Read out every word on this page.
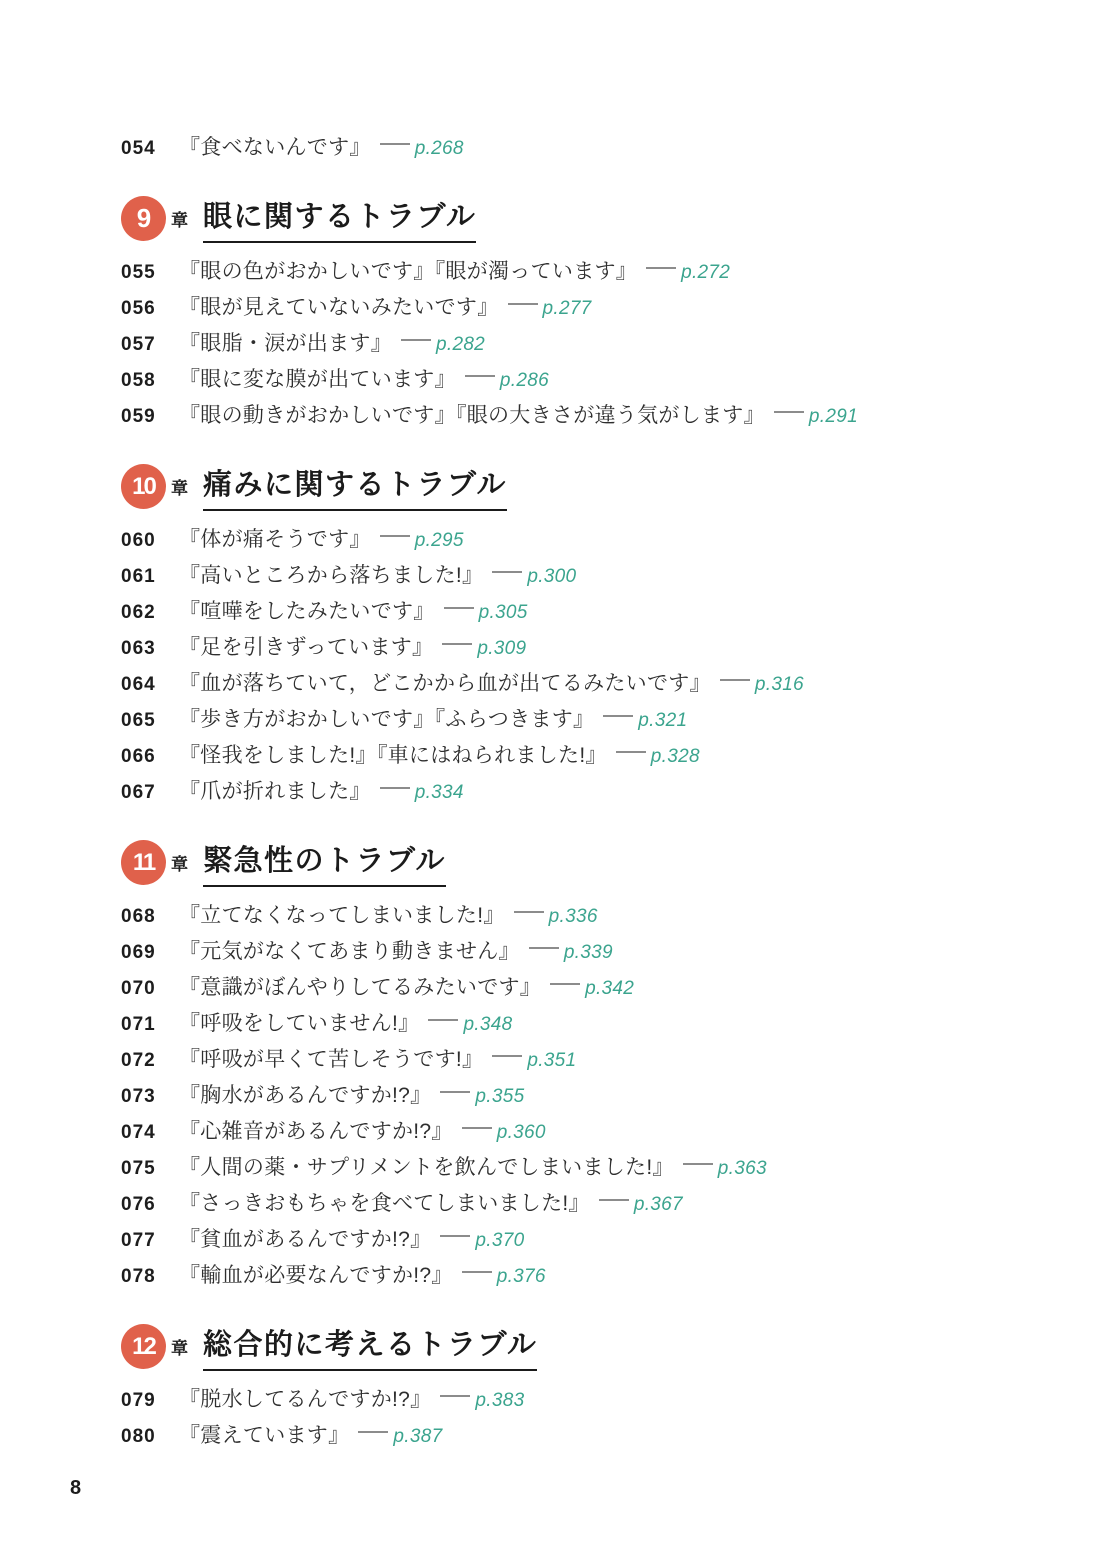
054	『食べないんです』 p.268
9	章 眼に関するトラブル
055	『眼の色がおかしいです』『眼が濁っています』 p.272
056	『眼が見えていないみたいです』 p.277
057	『眼脂・涙が出ます』 p.282
058	『眼に変な膜が出ています』 p.286
059	『眼の動きがおかしいです』『眼の大きさが違う気がします』 p.291
10 章 痛みに関するトラブル
060	『体が痛そうです』 p.295
061	『高いところから落ちました!』 p.300
062	『喧嘩をしたみたいです』 p.305
063	『足を引きずっています』 p.309
064	『血が落ちていて，どこかから血が出てるみたいです』 p.316
065	『歩き方がおかしいです』『ふらつきます』 p.321
066	『怪我をしました!』『車にはねられました!』 p.328
067	『爪が折れました』 p.334
11 章 緊急性のトラブル
068	『立てなくなってしまいました!』 p.336
069	『元気がなくてあまり動きません』 p.339
070	『意識がぼんやりしてるみたいです』 p.342
071	『呼吸をしていません!』 p.348
072	『呼吸が早くて苦しそうです!』 p.351
073	『胸水があるんですか!?』 p.355
074	『心雑音があるんですか!?』 p.360
075	『人間の薬・サプリメントを飲んでしまいました!』 p.363
076	『さっきおもちゃを食べてしまいました!』 p.367
077	『貧血があるんですか!?』 p.370
078	『輸血が必要なんですか!?』 p.376
12 章 総合的に考えるトラブル
079	『脱水してるんですか!?』 p.383
080	『震えています』 p.387
8
